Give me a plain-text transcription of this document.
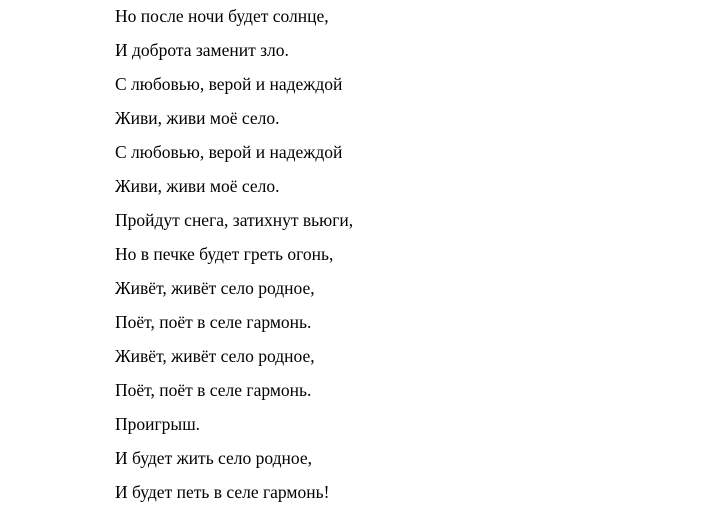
Но после ночи будет солнце,
И доброта заменит зло.
С любовью, верой и надеждой
Живи, живи моё село.
С любовью, верой и надеждой
Живи, живи моё село.
Пройдут снега, затихнут вьюги,
Но в печке будет греть огонь,
Живёт, живёт село родное,
Поёт, поёт в селе гармонь.
Живёт, живёт село родное,
Поёт, поёт в селе гармонь.
Проигрыш.
И будет жить село родное,
И будет петь в селе гармонь!
